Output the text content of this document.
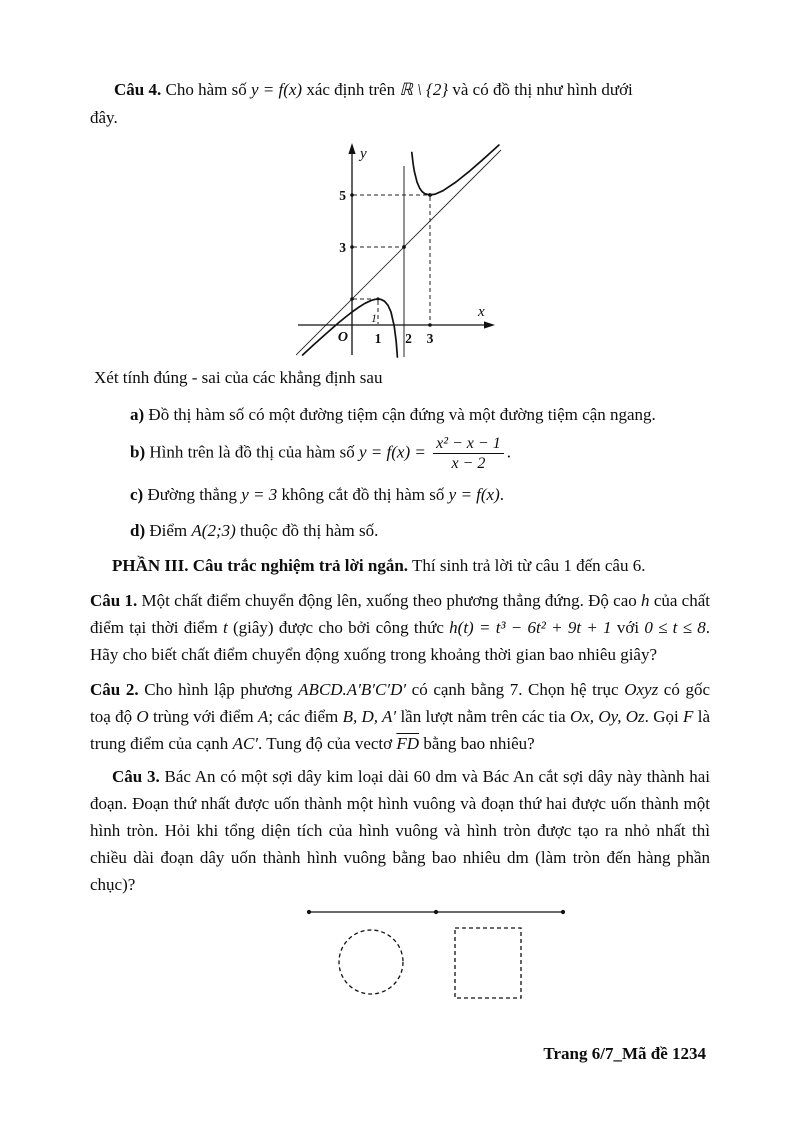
Câu 4. Cho hàm số y = f(x) xác định trên ℝ \ {2} và có đồ thị như hình dưới
đây.

y
x
O
5
3
1 2 3
1

Xét tính đúng - sai của các khẳng định sau

a) Đồ thị hàm số có một đường tiệm cận đứng và một đường tiệm cận ngang.

b) Hình trên là đồ thị của hàm số $y = f(x) = \frac{\text{x² − x − 1}}{x - 2}$ .

c) Đường thẳng y = 3 không cắt đồ thị hàm số y = f(x).

d) Điểm A(2;3) thuộc đồ thị hàm số.

PHẦN III. Câu trắc nghiệm trả lời ngắn. Thí sinh trả lời từ câu 1 đến câu 6.

Câu 1. Một chất điểm chuyển động lên, xuống theo phương thẳng đứng. Độ cao h của chất điểm tại thời điểm t (giây) được cho bởi công thức h(t) = t³ − 6t² + 9t + 1 với 0 ≤ t ≤ 8. Hãy cho biết chất điểm chuyển động xuống trong khoảng thời gian bao nhiêu giây?

Câu 2. Cho hình lập phương ABCD.A′B′C′D′ có cạnh bằng 7. Chọn hệ trục Oxyz có gốc toạ độ O trùng với điểm A; các điểm B, D, A′ lần lượt nằm trên các tia Ox, Oy, Oz. Gọi F là trung điểm của cạnh AC′. Tung độ của vectơ $\overline{FD}$ bằng bao nhiêu?

Câu 3. Bác An có một sợi dây kim loại dài 60 dm và Bác An cắt sợi dây này thành hai đoạn. Đoạn thứ nhất được uốn thành một hình vuông và đoạn thứ hai được uốn thành một hình tròn. Hỏi khi tổng diện tích của hình vuông và hình tròn được tạo ra nhỏ nhất thì chiều dài đoạn dây uốn thành hình vuông bằng bao nhiêu dm (làm tròn đến hàng phần chục)?

Trang 6/7_Mã đề 1234
